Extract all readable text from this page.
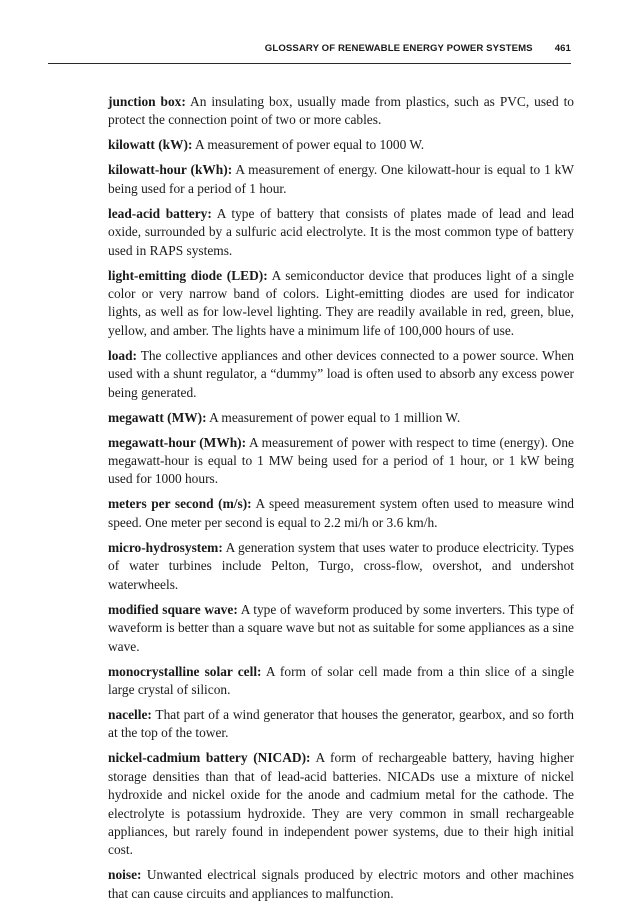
GLOSSARY OF RENEWABLE ENERGY POWER SYSTEMS 461

junction box: An insulating box, usually made from plastics, such as PVC, used to protect the connection point of two or more cables.

kilowatt (kW): A measurement of power equal to 1000 W.

kilowatt-hour (kWh): A measurement of energy. One kilowatt-hour is equal to 1 kW being used for a period of 1 hour.

lead-acid battery: A type of battery that consists of plates made of lead and lead oxide, surrounded by a sulfuric acid electrolyte. It is the most common type of battery used in RAPS systems.

light-emitting diode (LED): A semiconductor device that produces light of a single color or very narrow band of colors. Light-emitting diodes are used for indicator lights, as well as for low-level lighting. They are readily available in red, green, blue, yellow, and amber. The lights have a minimum life of 100,000 hours of use.

load: The collective appliances and other devices connected to a power source. When used with a shunt regulator, a “dummy” load is often used to absorb any excess power being generated.

megawatt (MW): A measurement of power equal to 1 million W.

megawatt-hour (MWh): A measurement of power with respect to time (energy). One megawatt-hour is equal to 1 MW being used for a period of 1 hour, or 1 kW being used for 1000 hours.

meters per second (m/s): A speed measurement system often used to measure wind speed. One meter per second is equal to 2.2 mi/h or 3.6 km/h.

micro-hydrosystem: A generation system that uses water to produce electricity. Types of water turbines include Pelton, Turgo, cross-flow, overshot, and undershot waterwheels.

modified square wave: A type of waveform produced by some inverters. This type of waveform is better than a square wave but not as suitable for some appliances as a sine wave.

monocrystalline solar cell: A form of solar cell made from a thin slice of a single large crystal of silicon.

nacelle: That part of a wind generator that houses the generator, gearbox, and so forth at the top of the tower.

nickel-cadmium battery (NICAD): A form of rechargeable battery, having higher storage densities than that of lead-acid batteries. NICADs use a mixture of nickel hydroxide and nickel oxide for the anode and cadmium metal for the cathode. The electrolyte is potassium hydroxide. They are very common in small rechargeable appliances, but rarely found in independent power systems, due to their high initial cost.

noise: Unwanted electrical signals produced by electric motors and other machines that can cause circuits and appliances to malfunction.
